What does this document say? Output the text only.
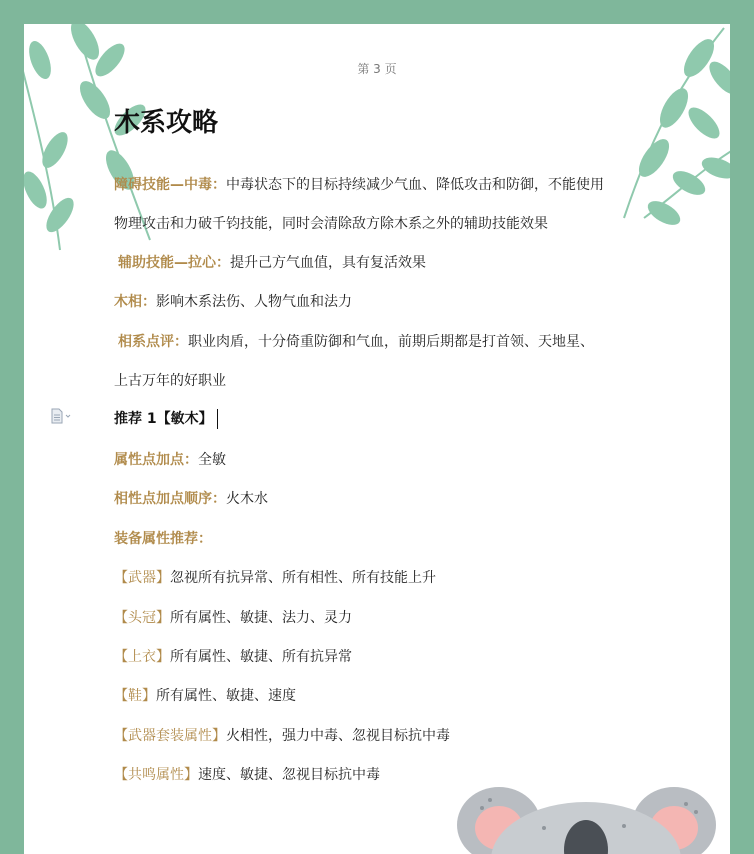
第 3 页
木系攻略
障碍技能—中毒：中毒状态下的目标持续减少气血、降低攻击和防御，不能使用
物理攻击和力破千钧技能，同时会清除敌方除木系之外的辅助技能效果
辅助技能—拉心：提升己方气血值，具有复活效果
木相：影响木系法伤、人物气血和法力
相系点评：职业肉盾，十分倚重防御和气血，前期后期都是打首领、天地星、
上古万年的好职业
推荐 1【敏木】
属性点加点：全敏
相性点加点顺序：火木水
装备属性推荐：
【武器】忽视所有抗异常、所有相性、所有技能上升
【头冠】所有属性、敏捷、法力、灵力
【上衣】所有属性、敏捷、所有抗异常
【鞋】所有属性、敏捷、速度
【武器套装属性】火相性，强力中毒、忽视目标抗中毒
【共鸣属性】速度、敏捷、忽视目标抗中毒
